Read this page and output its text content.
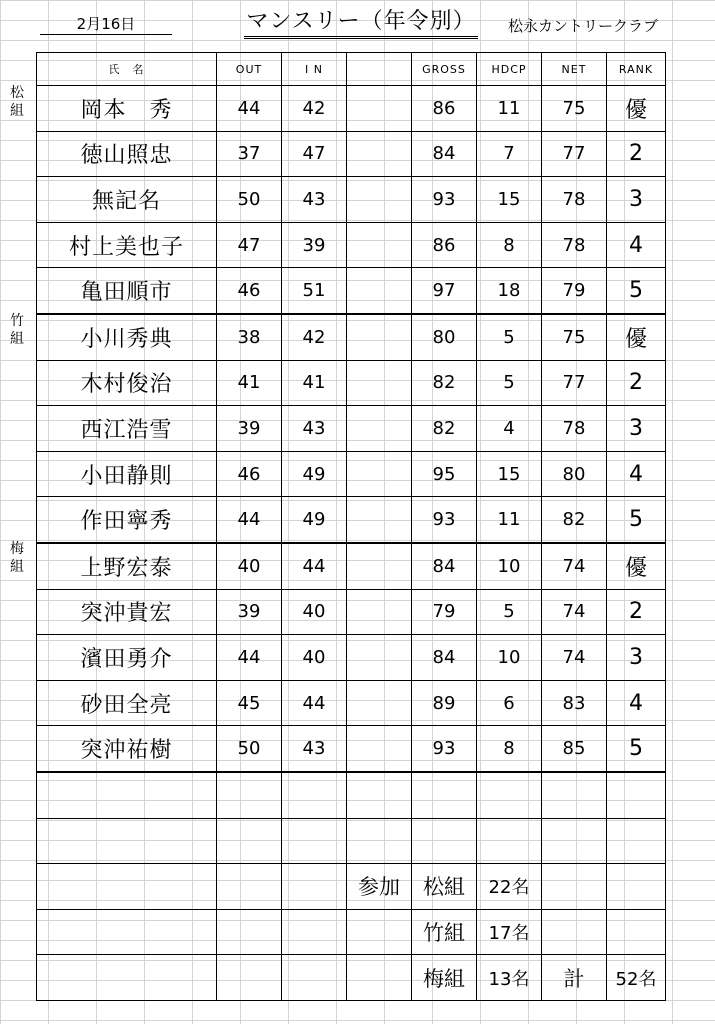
2月16日	マンスリー（年令別） 松永カントリークラブ
松組
竹組
梅組
氏　名	OUT	I N		GROSS	HDCP	NET	RANK
岡本　秀	44	42		86	11	75	優
徳山照忠	37	47		84	7	77	2
無記名	50	43		93	15	78	3
村上美也子	47	39		86	8	78	4
亀田順市	46	51		97	18	79	5
小川秀典	38	42		80	5	75	優
木村俊治	41	41		82	5	77	2
西江浩雪	39	43		82	4	78	3
小田静則	46	49		95	15	80	4
作田寧秀	44	49		93	11	82	5
上野宏泰	40	44		84	10	74	優
突沖貴宏	39	40		79	5	74	2
濱田勇介	44	40		84	10	74	3
砂田全亮	45	44		89	6	83	4
突沖祐樹	50	43		93	8	85	5

			参加	松組	22名		
				竹組	17名		
				梅組	13名	計	52名
